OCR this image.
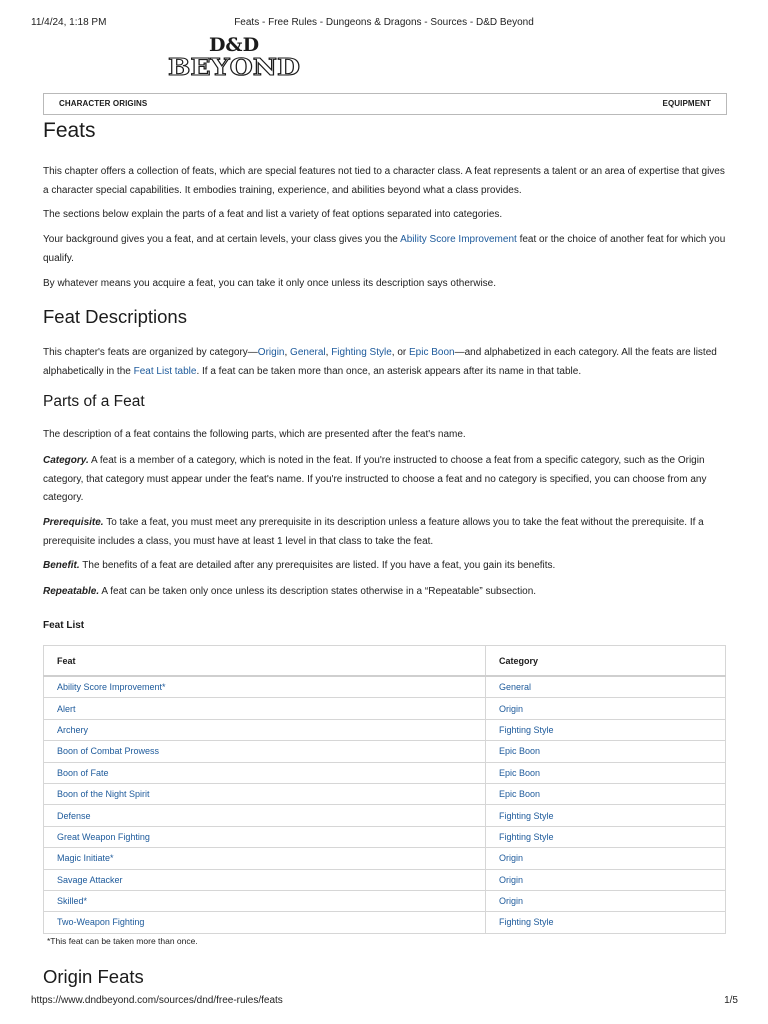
11/4/24, 1:18 PM	Feats - Free Rules - Dungeons & Dragons - Sources - D&D Beyond
D&D
BEYOND
CHARACTER ORIGINS	EQUIPMENT
Feats

This chapter offers a collection of feats, which are special features not tied to a character class. A feat represents a talent or an area of expertise that gives a character special capabilities. It embodies training, experience, and abilities beyond what a class provides.

The sections below explain the parts of a feat and list a variety of feat options separated into categories.

Your background gives you a feat, and at certain levels, your class gives you the Ability Score Improvement feat or the choice of another feat for which you qualify.

By whatever means you acquire a feat, you can take it only once unless its description says otherwise.

Feat Descriptions

This chapter's feats are organized by category—Origin, General, Fighting Style, or Epic Boon—and alphabetized in each category. All the feats are listed alphabetically in the Feat List table. If a feat can be taken more than once, an asterisk appears after its name in that table.

Parts of a Feat

The description of a feat contains the following parts, which are presented after the feat's name.

Category. A feat is a member of a category, which is noted in the feat. If you're instructed to choose a feat from a specific category, such as the Origin category, that category must appear under the feat's name. If you're instructed to choose a feat and no category is specified, you can choose from any category.

Prerequisite. To take a feat, you must meet any prerequisite in its description unless a feature allows you to take the feat without the prerequisite. If a prerequisite includes a class, you must have at least 1 level in that class to take the feat.

Benefit. The benefits of a feat are detailed after any prerequisites are listed. If you have a feat, you gain its benefits.

Repeatable. A feat can be taken only once unless its description states otherwise in a “Repeatable” subsection.

Feat List

Feat	Category
Ability Score Improvement*	General
Alert	Origin
Archery	Fighting Style
Boon of Combat Prowess	Epic Boon
Boon of Fate	Epic Boon
Boon of the Night Spirit	Epic Boon
Defense	Fighting Style
Great Weapon Fighting	Fighting Style
Magic Initiate*	Origin
Savage Attacker	Origin
Skilled*	Origin
Two-Weapon Fighting	Fighting Style

*This feat can be taken more than once.

Origin Feats
https://www.dndbeyond.com/sources/dnd/free-rules/feats	1/5
